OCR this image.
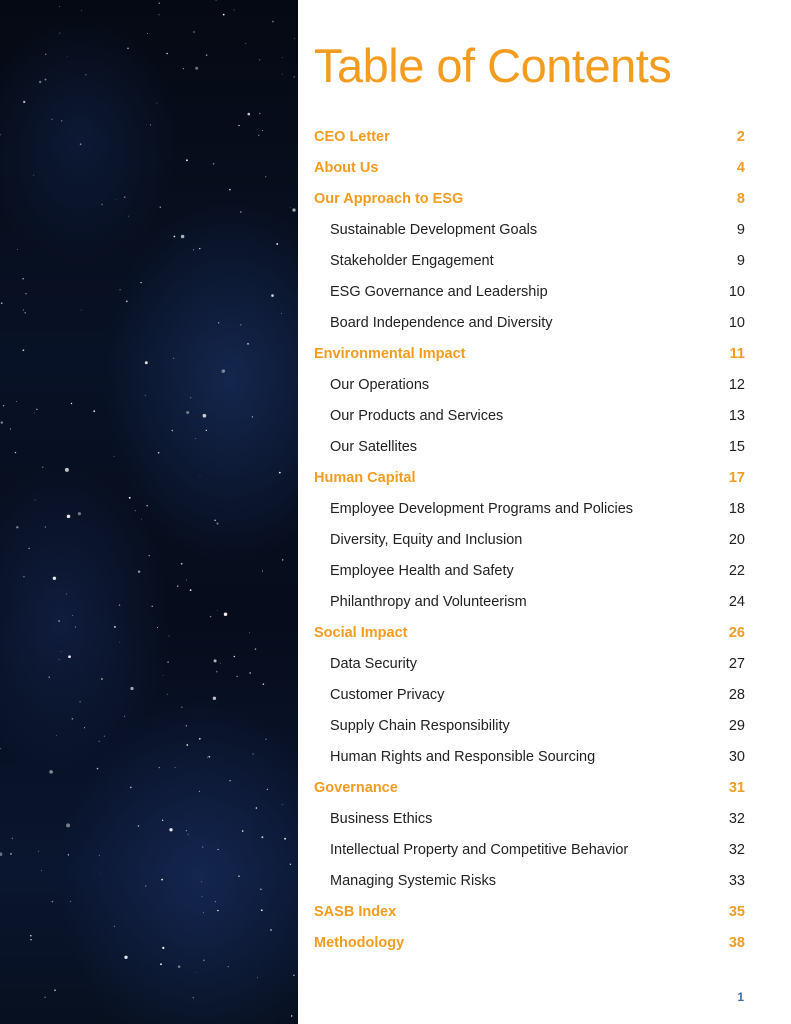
Table of Contents
CEO Letter	2
About Us	4
Our Approach to ESG	8
Sustainable Development Goals	9
Stakeholder Engagement	9
ESG Governance and Leadership	10
Board Independence and Diversity	10
Environmental Impact	11
Our Operations	12
Our Products and Services	13
Our Satellites	15
Human Capital	17
Employee Development Programs and Policies	18
Diversity, Equity and Inclusion	20
Employee Health and Safety	22
Philanthropy and Volunteerism	24
Social Impact	26
Data Security	27
Customer Privacy	28
Supply Chain Responsibility	29
Human Rights and Responsible Sourcing	30
Governance	31
Business Ethics	32
Intellectual Property and Competitive Behavior	32
Managing Systemic Risks	33
SASB Index	35
Methodology	38
1
